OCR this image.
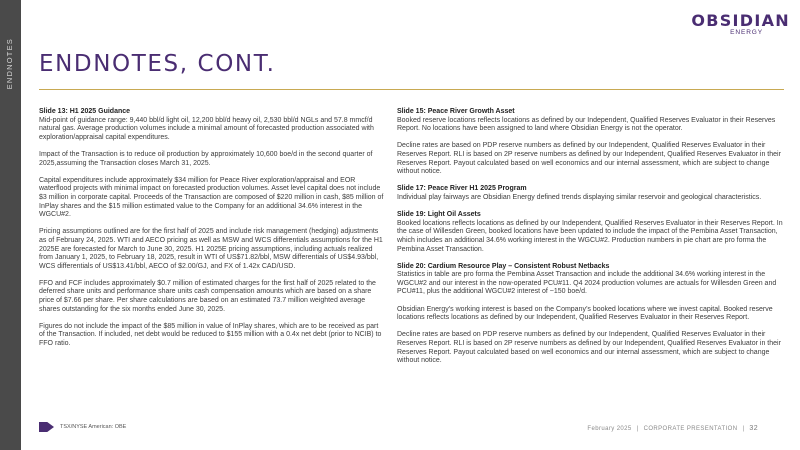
ENDNOTES ENDNOTES, CONT.
OBSIDIAN
ENERGY

Slide 13: H1 2025 Guidance
Mid-point of guidance range: 9,440 bbl/d light oil, 12,200 bbl/d heavy oil, 2,530 bbl/d NGLs and 57.8 mmcf/d natural gas. Average production volumes include a minimal amount of forecasted production associated with exploration/appraisal capital expenditures.

Impact of the Transaction is to reduce oil production by approximately 10,600 boe/d in the second quarter of 2025,assuming the Transaction closes March 31, 2025.

Capital expenditures include approximately $34 million for Peace River exploration/appraisal and EOR waterflood projects with minimal impact on forecasted production volumes. Asset level capital does not include $3 million in corporate capital. Proceeds of the Transaction are composed of $220 million in cash, $85 million of InPlay shares and the $15 million estimated value to the Company for an additional 34.6% interest in the WGCU#2.

Pricing assumptions outlined are for the first half of 2025 and include risk management (hedging) adjustments as of February 24, 2025. WTI and AECO pricing as well as MSW and WCS differentials assumptions for the H1 2025E are forecasted for March to June 30, 2025. H1 2025E pricing assumptions, including actuals realized from January 1, 2025, to February 18, 2025, result in WTI of US$71.82/bbl, MSW differentials of US$4.93/bbl, WCS differentials of US$13.41/bbl, AECO of $2.00/GJ, and FX of 1.42x CAD/USD.

FFO and FCF includes approximately $0.7 million of estimated charges for the first half of 2025 related to the deferred share units and performance share units cash compensation amounts which are based on a share price of $7.66 per share. Per share calculations are based on an estimated 73.7 million weighted average shares outstanding for the six months ended June 30, 2025.

Figures do not include the impact of the $85 million in value of InPlay shares, which are to be received as part of the Transaction. If included, net debt would be reduced to $155 million with a 0.4x net debt (prior to NCIB) to FFO ratio.

Slide 15: Peace River Growth Asset
Booked reserve locations reflects locations as defined by our Independent, Qualified Reserves Evaluator in their Reserves Report. No locations have been assigned to land where Obsidian Energy is not the operator.

Decline rates are based on PDP reserve numbers as defined by our Independent, Qualified Reserves Evaluator in their Reserves Report. RLI is based on 2P reserve numbers as defined by our Independent, Qualified Reserves Evaluator in their Reserves Report. Payout calculated based on well economics and our internal assessment, which are subject to change without notice.

Slide 17: Peace River H1 2025 Program
Individual play fairways are Obsidian Energy defined trends displaying similar reservoir and geological characteristics.

Slide 19: Light Oil Assets
Booked locations reflects locations as defined by our Independent, Qualified Reserves Evaluator in their Reserves Report. In the case of Willesden Green, booked locations have been updated to include the impact of the Pembina Asset Transaction, which includes an additional 34.6% working interest in the WGCU#2. Production numbers in pie chart are pro forma the Pembina Asset Transaction.

Slide 20: Cardium Resource Play – Consistent Robust Netbacks
Statistics in table are pro forma the Pembina Asset Transaction and include the additional 34.6% working interest in the WGCU#2 and our interest in the now-operated PCU#11. Q4 2024 production volumes are actuals for Willesden Green and PCU#11, plus the additional WGCU#2 interest of ~150 boe/d.

Obsidian Energy’s working interest is based on the Company’s booked locations where we invest capital. Booked reserve locations reflects locations as defined by our Independent, Qualified Reserves Evaluator in their Reserves Report.

Decline rates are based on PDP reserve numbers as defined by our Independent, Qualified Reserves Evaluator in their Reserves Report. RLI is based on 2P reserve numbers as defined by our Independent, Qualified Reserves Evaluator in their Reserves Report. Payout calculated based on well economics and our internal assessment, which are subject to change without notice.

TSX/NYSE American: OBE	February 2025 | CORPORATE PRESENTATION | 32
